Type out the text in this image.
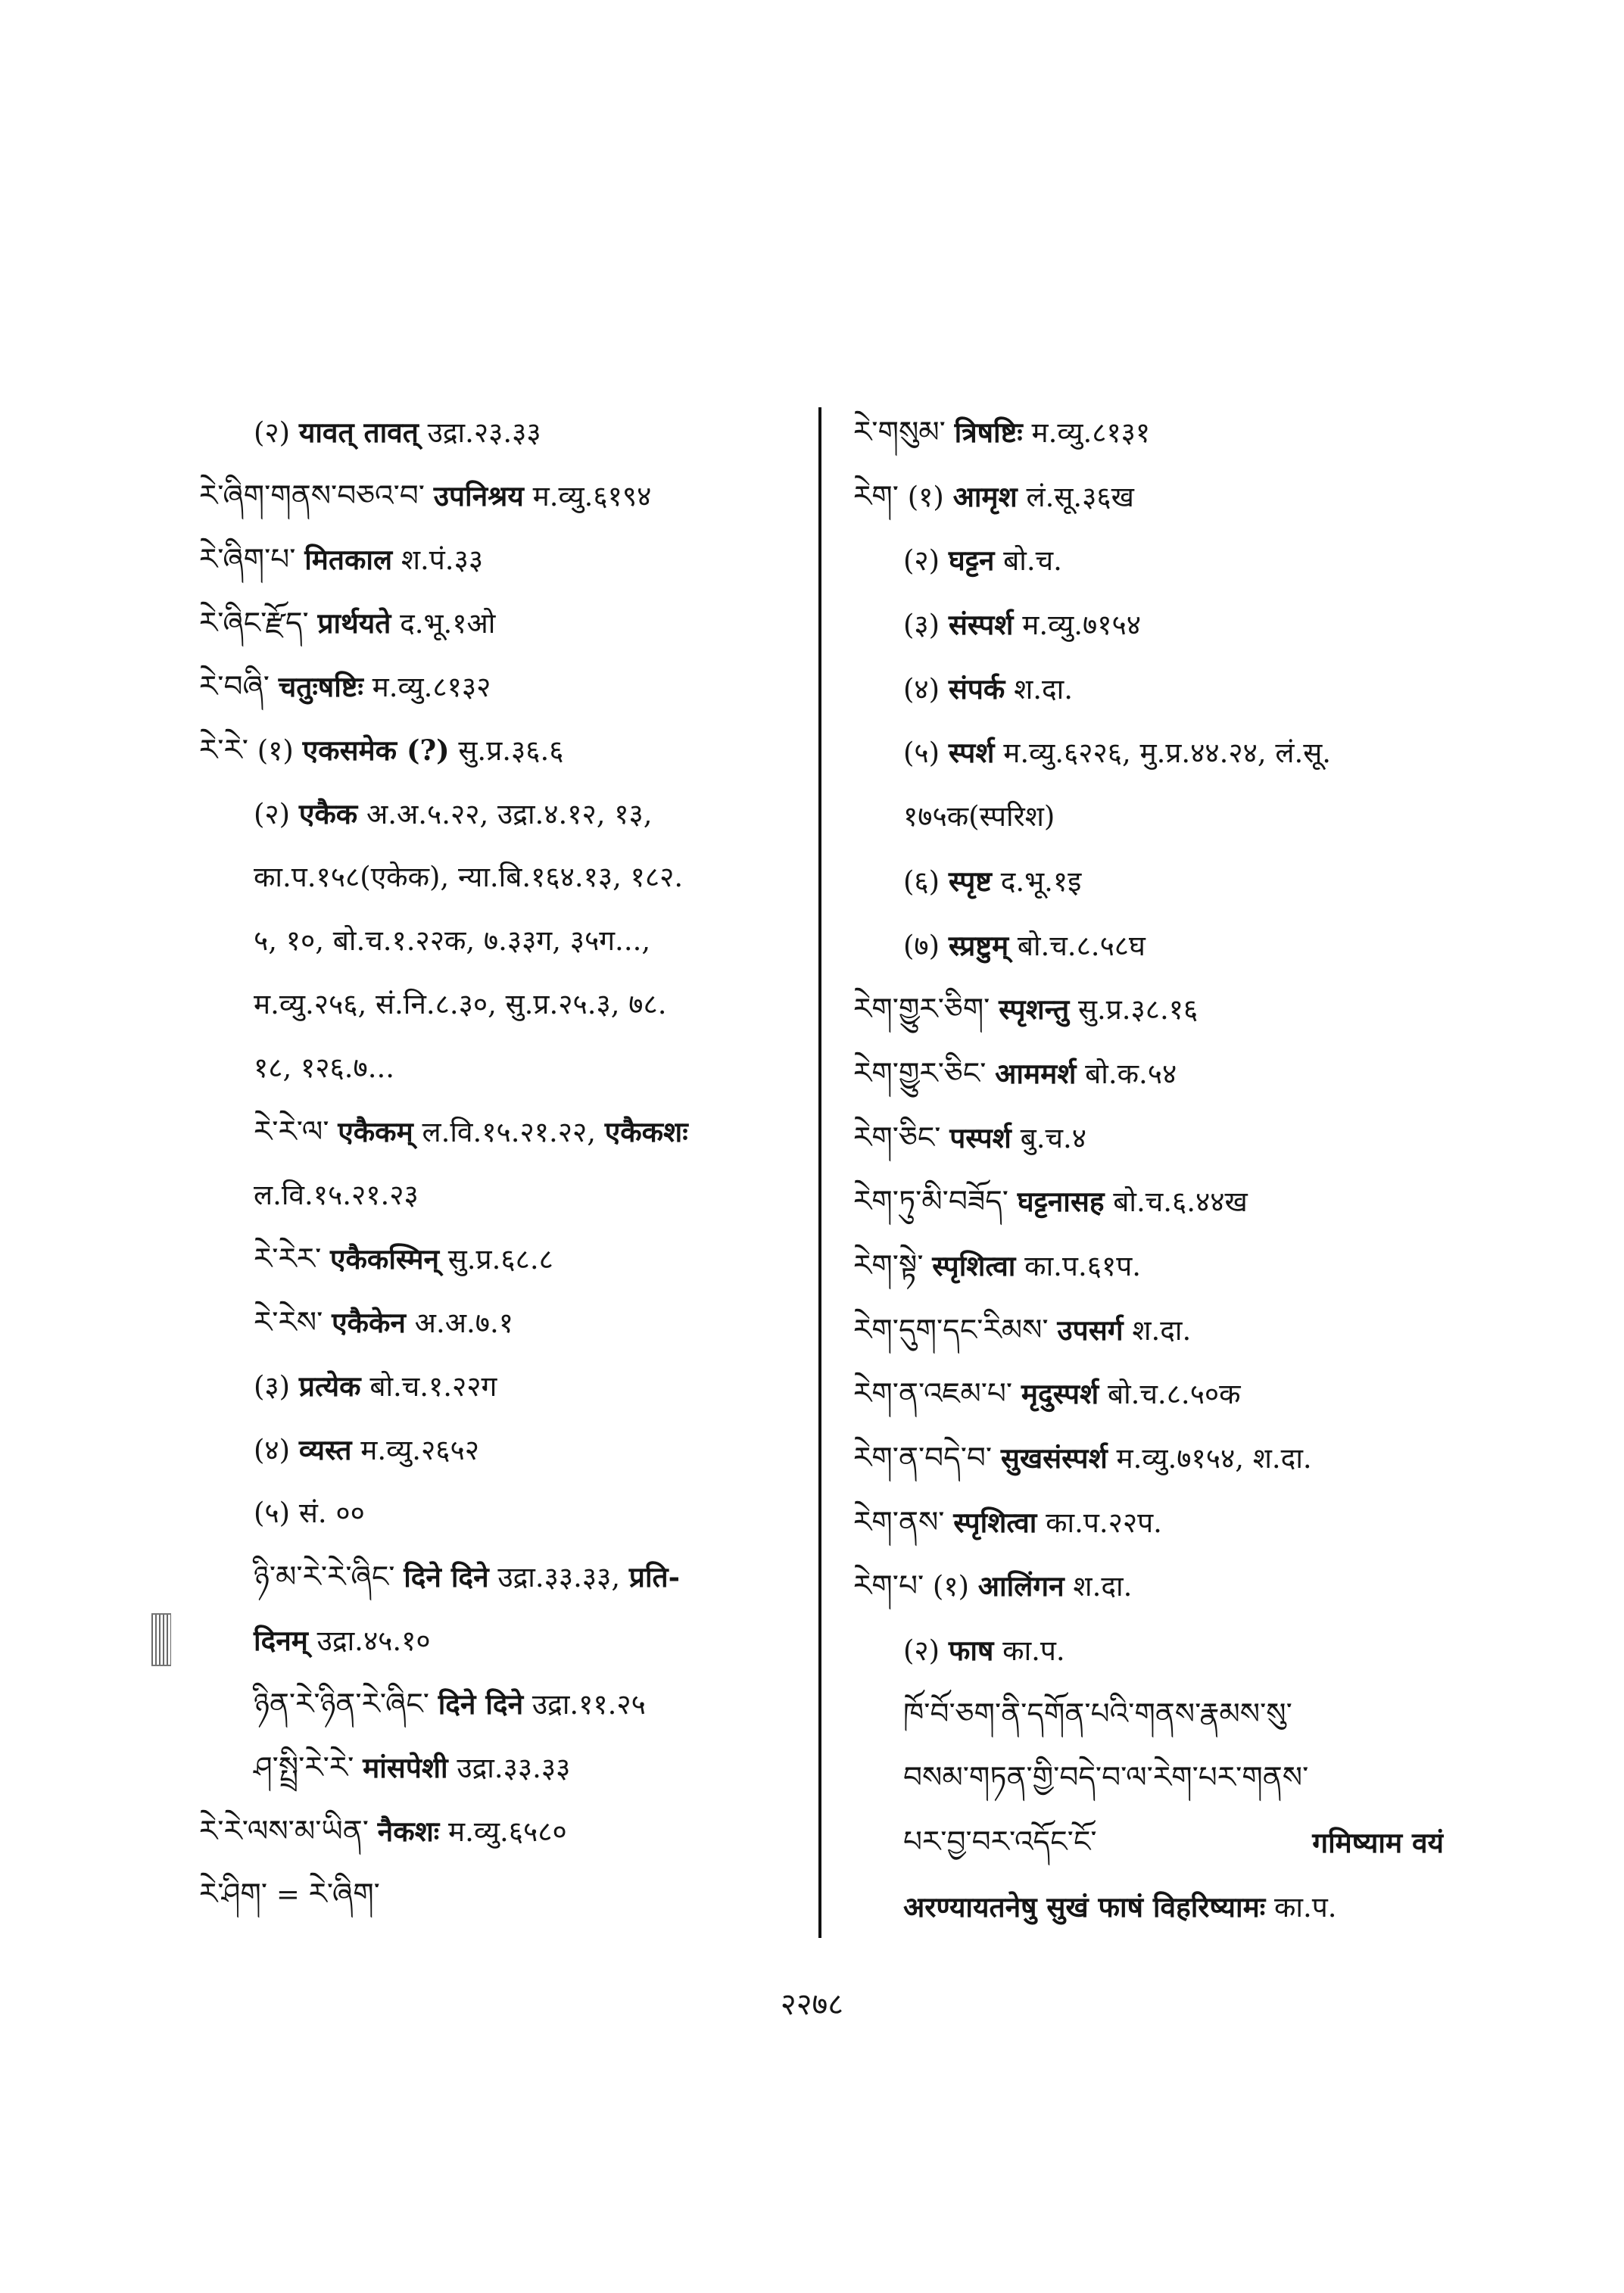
(२) यावत् तावत् उद्रा.२३.३३
རེ་ཞིག་གནས་བཅའ་བ་ उपनिश्रय म.व्यु.६१९४
རེ་ཞིག་པ་ मितकाल श.पं.३३
རེ་ཞིང་རྫོད་ प्रार्थयते द.भू.१ओ
རེ་བཞི་ चतुःषष्टिः म.व्यु.८१३२
རེ་རེ་ (१) एकसमेक (?) सु.प्र.३६.६
(२) एकैक अ.अ.५.२२, उद्रा.४.१२, १३,
का.प.१५८(एकेक), न्या.बि.१६४.१३, १८२.
५, १०, बो.च.१.२२क, ७.३३ग, ३५ग...,
म.व्यु.२५६, सं.नि.८.३०, सु.प्र.२५.३, ७८.
१८, १२६.७...
རེ་རེ་ལ་ एकैकम् ल.वि.१५.२१.२२, एकैकशः
ल.वि.१५.२१.२३
རེ་རེར་ एकैकस्मिन् सु.प्र.६८.८
རེ་རེས་ एकैकेन अ.अ.७.१
(३) प्रत्येक बो.च.१.२२ग
(४) व्यस्त म.व्यु.२६५२
(५) सं. ००
ཉི་མ་རེ་རེ་ཞིང་ दिने दिने उद्रा.३३.३३, प्रति-
दिनम् उद्रा.४५.१०
ཉིན་རེ་ཉིན་རེ་ཞིང་ दिने दिने उद्रा.११.२५
ཤ་སྤྲི་རེ་རེ་ मांसपेशी उद्रा.३३.३३
རེ་རེ་ལས་མ་ཡིན་ नैकशः म.व्यु.६५८०
རེ་ཤིག་ = རེ་ཞིག་
རེ་གསུམ་ त्रिषष्टिः म.व्यु.८१३१
རེག་ (१) आमृश लं.सू.३६ख
(२) घट्टन बो.च.
(३) संस्पर्श म.व्यु.७१५४
(४) संपर्क श.दा.
(५) स्पर्श म.व्यु.६२२६, मु.प्र.४४.२४, लं.सू.
१७५क(स्परिश)
(६) स्पृष्ट द.भू.१इ
(७) स्प्रष्टुम् बो.च.८.५८घ
རེག་གྱུར་ཅིག་ स्पृशन्तु सु.प्र.३८.१६
རེག་གྱུར་ཅིང་ आममर्श बो.क.५४
རེག་ཅིང་ पस्पर्श बु.च.४
རེག་ཏུ་མི་བཟོད་ घट्टनासह बो.च.६.४४ख
རེག་སྟེ་ स्पृशित्वा का.प.६१प.
རེག་དུག་དང་རིམས་ उपसर्ग श.दा.
རེག་ན་འཇམ་པ་ मृदुस्पर्श बो.च.८.५०क
རེག་ན་བདེ་བ་ सुखसंस्पर्श म.व्यु.७१५४, श.दा.
རེག་ནས་ स्पृशित्वा का.प.२२प.
རེག་པ་ (१) आलिंगन श.दा.
(२) फाष का.प.
ཁོ་བོ་ཅག་ནི་དགོན་པའི་གནས་རྣམས་སུ་
བསམ་གཏན་གྱི་བདེ་བ་ལ་རེག་པར་གནས་
པར་བྱ་བར་འདོང་ངོ་	गमिष्याम वयं
अरण्यायतनेषु सुखं फाषं विहरिष्यामः का.प.
२२७८
